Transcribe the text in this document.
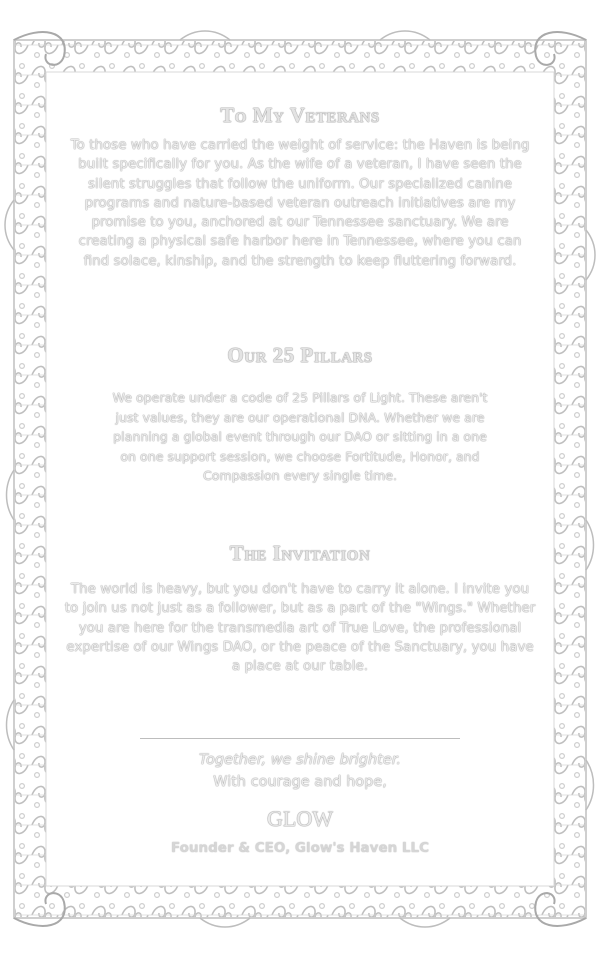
To My Veterans

To those who have carried the weight of service: the Haven is being built specifically for you. As the wife of a veteran, I have seen the silent struggles that follow the uniform. Our specialized canine programs and nature-based veteran outreach initiatives are my promise to you, anchored at our Tennessee sanctuary. We are creating a physical safe harbor here in Tennessee, where you can find solace, kinship, and the strength to keep fluttering forward.

Our 25 Pillars

We operate under a code of 25 Pillars of Light. These aren't just values, they are our operational DNA. Whether we are planning a global event through our DAO or sitting in a one on one support session, we choose Fortitude, Honor, and Compassion every single time.

The Invitation

The world is heavy, but you don't have to carry it alone. I invite you to join us not just as a follower, but as a part of the "Wings." Whether you are here for the transmedia art of True Love, the professional expertise of our Wings DAO, or the peace of the Sanctuary, you have a place at our table.

Together, we shine brighter.
With courage and hope,
GLOW
Founder & CEO, Glow's Haven LLC
